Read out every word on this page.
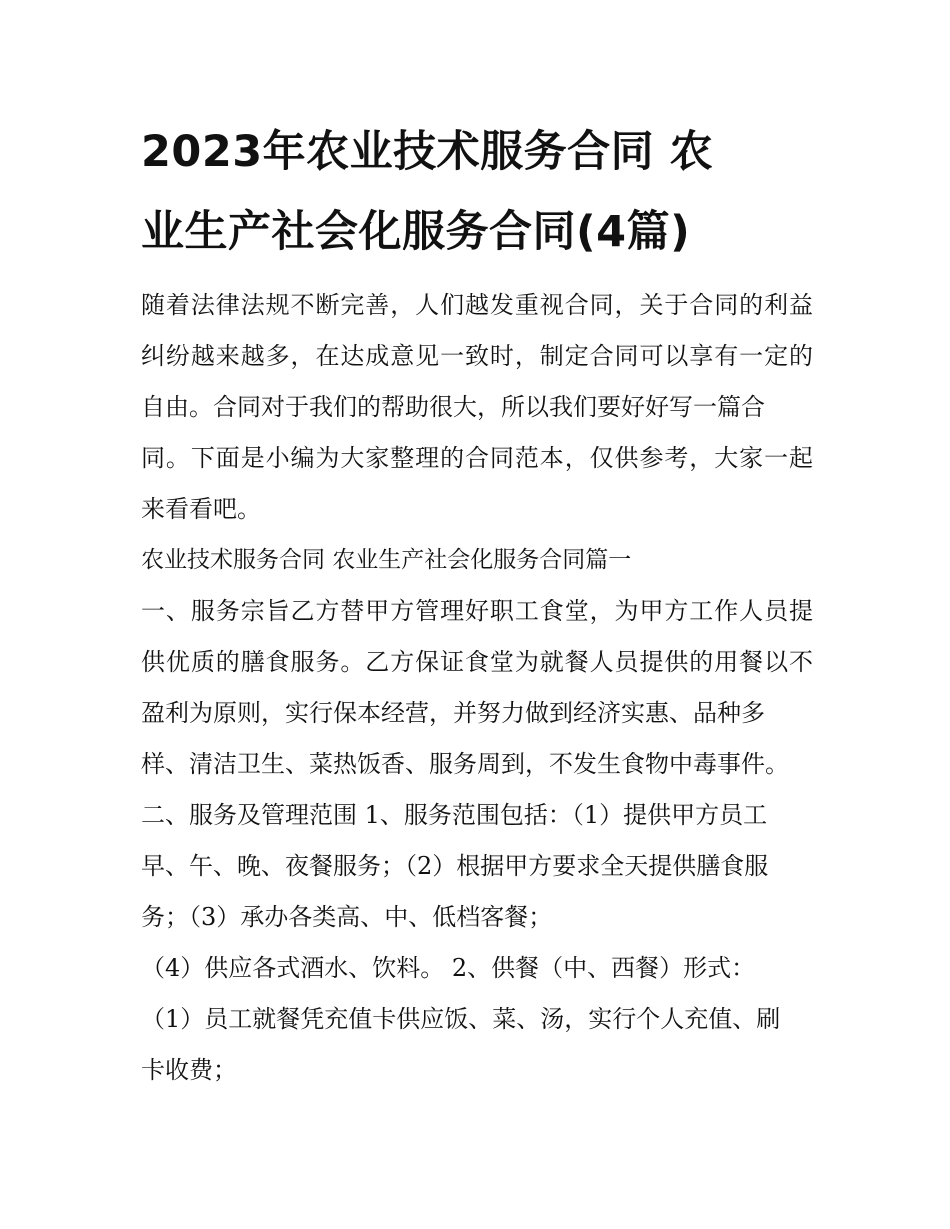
2023年农业技术服务合同 农
业生产社会化服务合同(4篇)
随着法律法规不断完善，人们越发重视合同，关于合同的利益
纠纷越来越多，在达成意见一致时，制定合同可以享有一定的
自由。合同对于我们的帮助很大，所以我们要好好写一篇合
同。下面是小编为大家整理的合同范本，仅供参考，大家一起
来看看吧。
农业技术服务合同 农业生产社会化服务合同篇一
一、服务宗旨乙方替甲方管理好职工食堂，为甲方工作人员提
供优质的膳食服务。乙方保证食堂为就餐人员提供的用餐以不
盈利为原则，实行保本经营，并努力做到经济实惠、品种多
样、清洁卫生、菜热饭香、服务周到，不发生食物中毒事件。
二、服务及管理范围 1、服务范围包括：（1）提供甲方员工
早、午、晚、夜餐服务；（2）根据甲方要求全天提供膳食服
务；（3）承办各类高、中、低档客餐；
（4）供应各式酒水、饮料。 2、供餐（中、西餐）形式：
（1）员工就餐凭充值卡供应饭、菜、汤，实行个人充值、刷
卡收费；
